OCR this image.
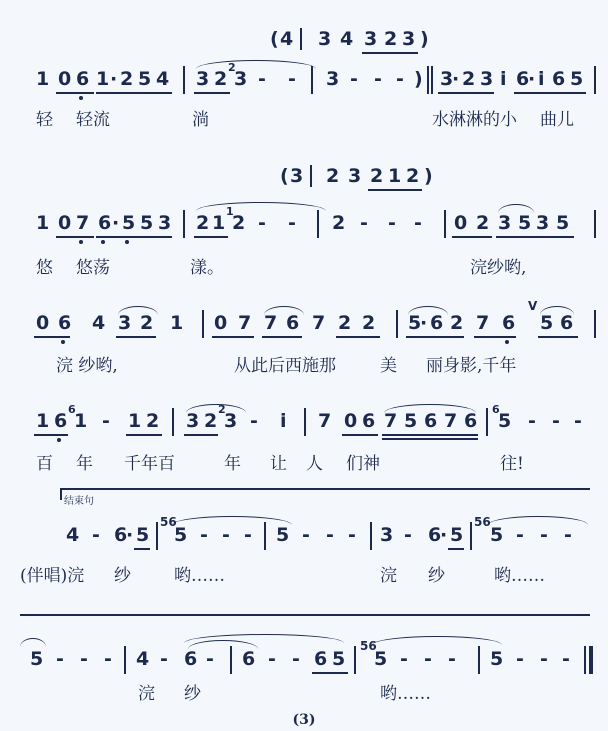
( 4 3 4 3 2 3 )
1 0 6 1 · 2 5 4 3 2
2
3 - - 3 - - - ) 3
· 2 3 i 6
· i 6 5
轻 轻流	淌	水淋淋的小 曲儿
( 3 2 3 2 1 2 )
1 0 7 6 · 5 5 3 2 1
1
2 - - 2 - - - 0 2 3 5 3 5
悠 悠荡	漾。	浣纱哟,
0 6 4 3 2 1 0 7 7 6 7 2 2 5
· 6 2 7 6 5 6
V
浣 纱哟,	从此后西施那	美 丽身影,千年
1 6
6
1 - 1 2 3 2
2
3 - i 7 0 6 7 5 6 7 6
6
5 - - -
百 年 千年百	年 让 人 们神	往!
结束句
4 - 6
· 5
56
5 - - - 5 - - - 3 - 6
· 5
56
5 - - -
(伴唱)浣 纱	哟……	浣 纱	哟……
5 - - - 4 - 6 - 6 - - 6 5
56
5 - - - 5 - - -
浣 纱	哟……
(3)
